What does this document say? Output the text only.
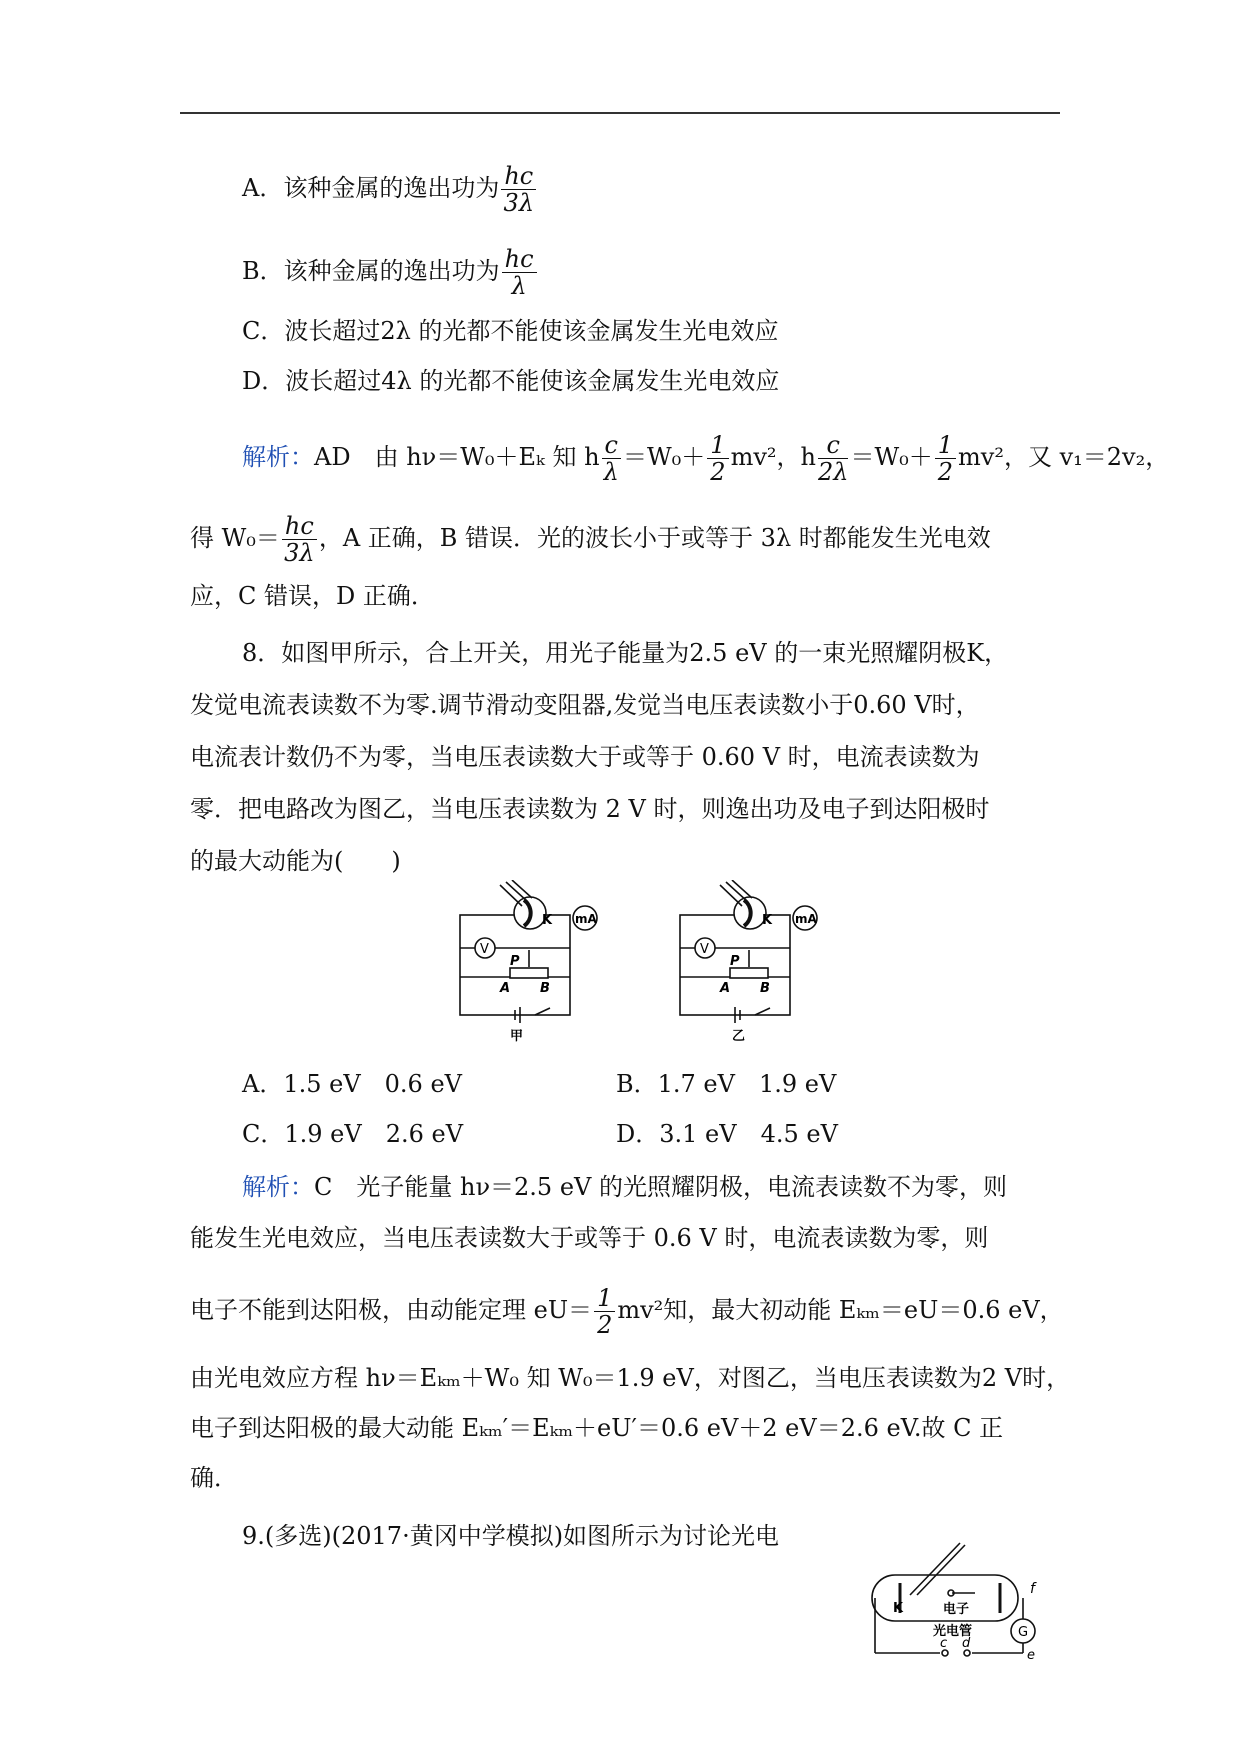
A．该种金属的逸出功为 $\frac{hc}{3\lambda}$
B．该种金属的逸出功为 $\frac{hc}{\lambda}$
C．波长超过2λ 的光都不能使该金属发生光电效应
D．波长超过4λ 的光都不能使该金属发生光电效应
解析：AD　由 hν＝W₀＋Eₖ 知 h $\frac{c}{\lambda} =W_0+ \frac{1}{2} mv^2$，h $\frac{c}{2\lambda} =W_0+ \frac{1}{2} mv^2$，又 v₁＝2v₂，
得 $W_0= \frac{hc}{3\lambda}$ ，A 正确，B 错误．光的波长小于或等于 3λ 时都能发生光电效
应，C 错误，D 正确．
8．如图甲所示，合上开关，用光子能量为2.5 eV 的一束光照耀阴极K，
发觉电流表读数不为零.调节滑动变阻器,发觉当电压表读数小于0.60 V时，
电流表计数仍不为零，当电压表读数大于或等于 0.60 V 时，电流表读数为
零．把电路改为图乙，当电压表读数为 2 V 时，则逸出功及电子到达阳极时
的最大动能为(　　)
K mA
V
P
A B
甲
K mA
V
P
A B
乙
A．1.5 eV　0.6 eV	B．1.7 eV　1.9 eV
C．1.9 eV　2.6 eV	D．3.1 eV　4.5 eV
解析：C　光子能量 hν＝2.5 eV 的光照耀阴极，电流表读数不为零，则
能发生光电效应，当电压表读数大于或等于 0.6 V 时，电流表读数为零，则
电子不能到达阳极，由动能定理 $eU= \frac{1}{2} mv^2$知，最大初动能 Eₖₘ＝eU＝0.6 eV，
由光电效应方程 hν＝Eₖₘ＋W₀ 知 W₀＝1.9 eV，对图乙，当电压表读数为2 V时，
电子到达阳极的最大动能 Eₖₘ′＝Eₖₘ＋eU′＝0.6 eV＋2 eV＝2.6 eV.故 C 正
确．
9.(多选)(2017·黄冈中学模拟)如图所示为讨论光电
K	电子
光电管
f
G
c d
e
